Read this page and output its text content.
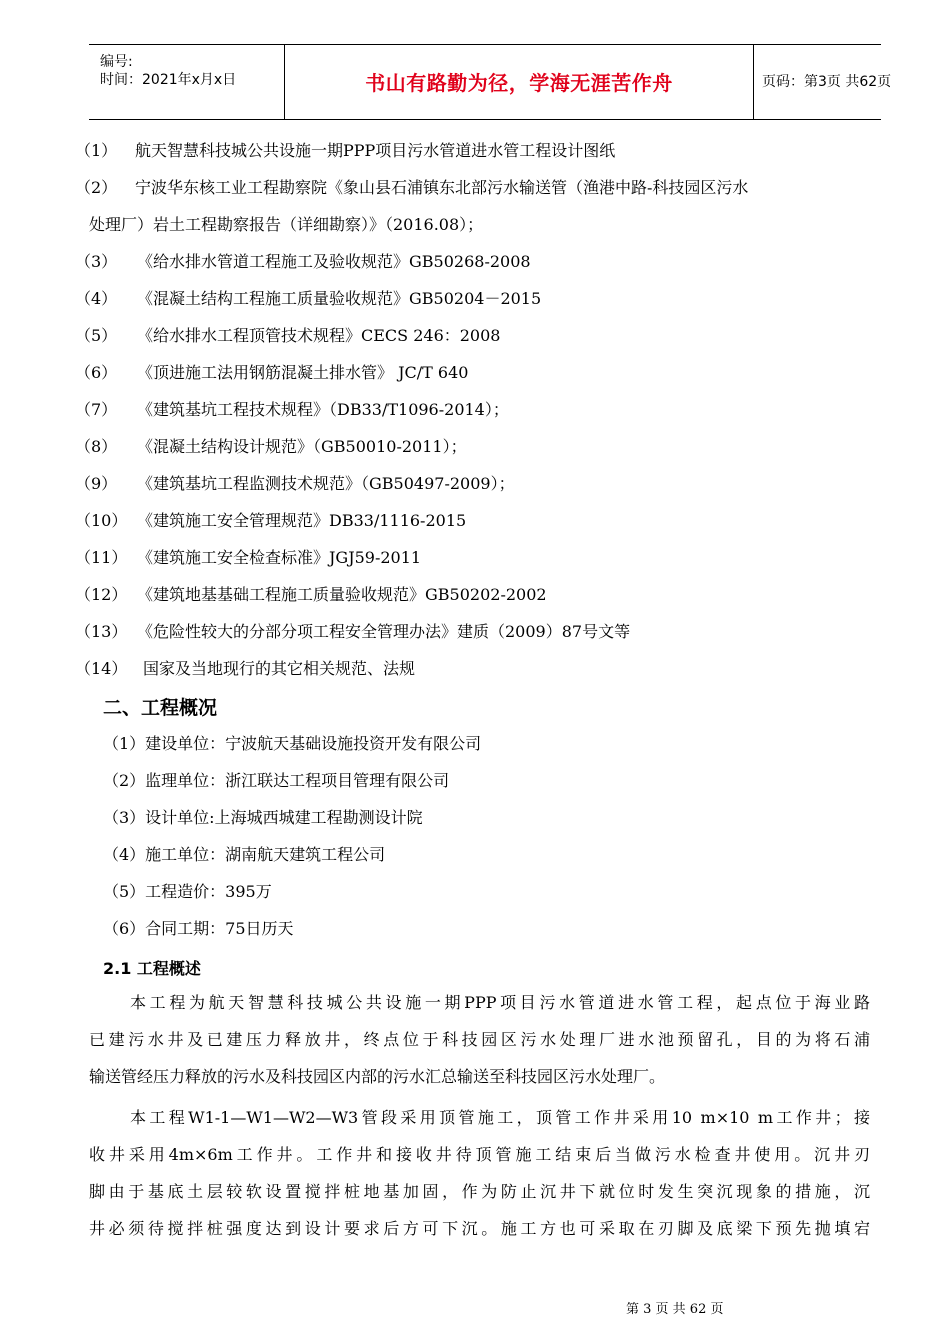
编号:
时间：2021年x月x日	书山有路勤为径，学海无涯苦作舟	页码：第3页 共62页
（1） 航天智慧科技城公共设施一期PPP项目污水管道进水管工程设计图纸
（2） 宁波华东核工业工程勘察院《象山县石浦镇东北部污水输送管（渔港中路-科技园区污水
处理厂）岩土工程勘察报告（详细勘察）》（2016.08）；
（3） 《给水排水管道工程施工及验收规范》GB50268-2008
（4） 《混凝土结构工程施工质量验收规范》GB50204－2015
（5） 《给水排水工程顶管技术规程》CECS 246：2008
（6） 《顶进施工法用钢筋混凝土排水管》 JC/T 640
（7） 《建筑基坑工程技术规程》（DB33/T1096-2014）；
（8） 《混凝土结构设计规范》（GB50010-2011）；
（9） 《建筑基坑工程监测技术规范》（GB50497-2009）；
（10） 《建筑施工安全管理规范》DB33/1116-2015
（11） 《建筑施工安全检查标准》JGJ59-2011
（12） 《建筑地基基础工程施工质量验收规范》GB50202-2002
（13） 《危险性较大的分部分项工程安全管理办法》建质（2009）87号文等
（14） 国家及当地现行的其它相关规范、法规
二、工程概况
（1）建设单位：宁波航天基础设施投资开发有限公司
（2）监理单位：浙江联达工程项目管理有限公司
（3）设计单位:上海城西城建工程勘测设计院
（4）施工单位：湖南航天建筑工程公司
（5）工程造价：395万
（6）合同工期：75日历天
2.1 工程概述
本工程为航天智慧科技城公共设施一期PPP项目污水管道进水管工程，起点位于海业路
已建污水井及已建压力释放井，终点位于科技园区污水处理厂进水池预留孔，目的为将石浦
输送管经压力释放的污水及科技园区内部的污水汇总输送至科技园区污水处理厂。
本工程W1-1—W1—W2—W3管段采用顶管施工，顶管工作井采用10 m×10 m工作井；接
收井采用4m×6m工作井。工作井和接收井待顶管施工结束后当做污水检查井使用。沉井刃
脚由于基底土层较软设置搅拌桩地基加固，作为防止沉井下就位时发生突沉现象的措施，沉
井必须待搅拌桩强度达到设计要求后方可下沉。施工方也可采取在刃脚及底梁下预先抛填宕
第 3 页 共 62 页
